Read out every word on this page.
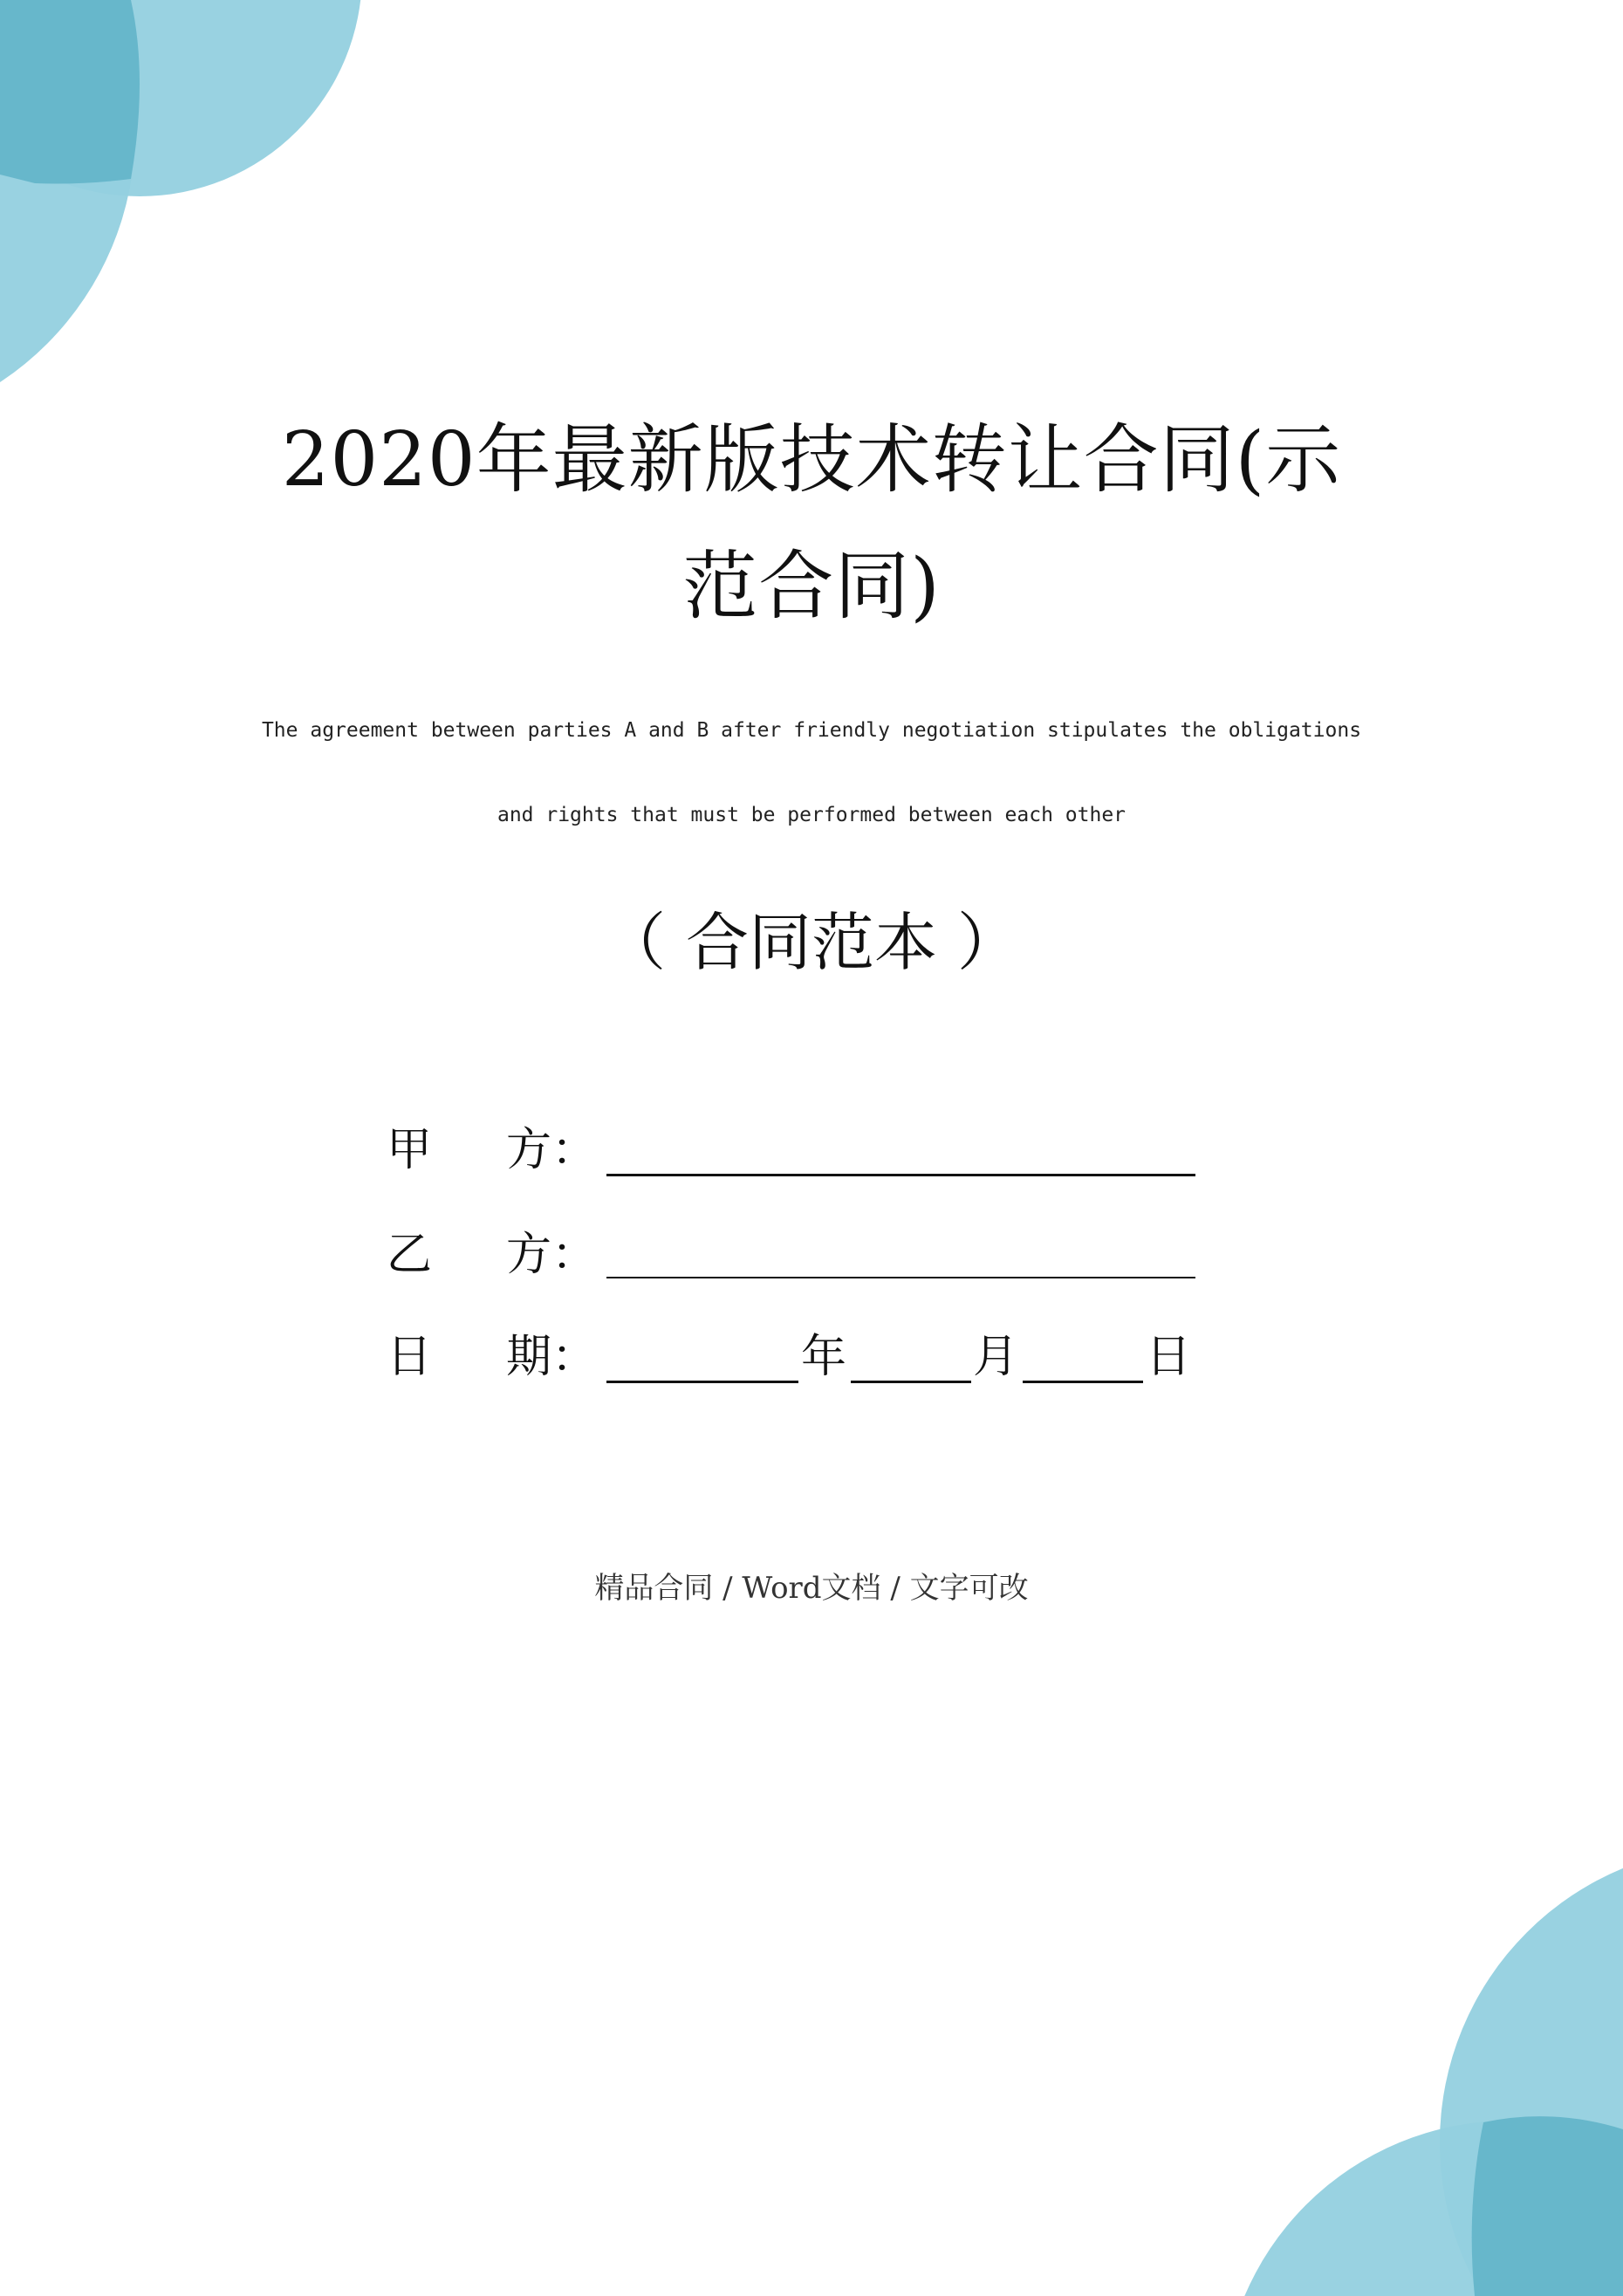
2020年最新版技术转让合同(示
范合同)
The agreement between parties A and B after friendly negotiation stipulates the obligations
and rights that must be performed between each other
（ 合同范本 ）
甲 方：
乙 方：
日 期：	年	月	日
精品合同 / Word文档 / 文字可改
